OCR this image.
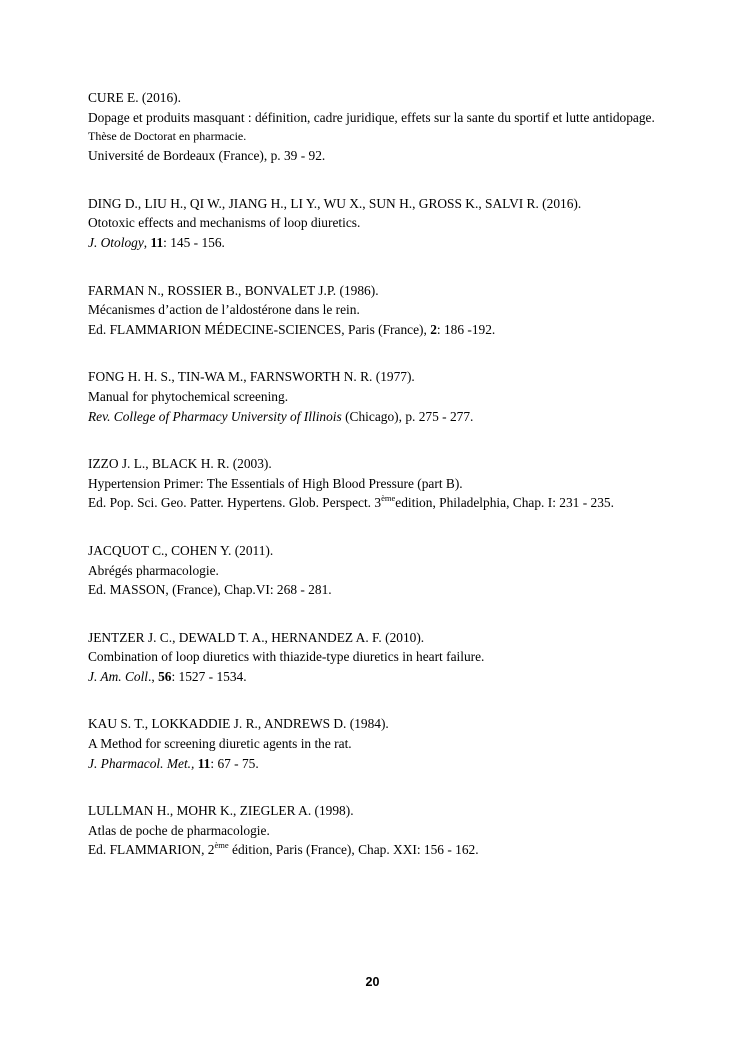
CURE E. (2016).
Dopage et produits masquant : définition, cadre juridique, effets sur la sante du sportif et lutte antidopage.
Thèse de Doctorat en pharmacie.
Université de Bordeaux (France), p. 39 - 92.
DING D., LIU H., QI W., JIANG H., LI Y., WU X., SUN H., GROSS K., SALVI R. (2016).
Ototoxic effects and mechanisms of loop diuretics.
J. Otology, 11: 145 - 156.
FARMAN N., ROSSIER B., BONVALET J.P. (1986).
Mécanismes d’action de l’aldostérone dans le rein.
Ed. FLAMMARION MÉDECINE-SCIENCES, Paris (France), 2: 186 -192.
FONG H. H. S., TIN-WA M., FARNSWORTH N. R. (1977).
Manual for phytochemical screening.
Rev. College of Pharmacy University of Illinois (Chicago), p. 275 - 277.
IZZO J. L., BLACK H. R. (2003).
Hypertension Primer: The Essentials of High Blood Pressure (part B).
Ed. Pop. Sci. Geo. Patter. Hypertens. Glob. Perspect. 3èmeedition, Philadelphia, Chap. I: 231 - 235.
JACQUOT C., COHEN Y. (2011).
Abrégés pharmacologie.
Ed. MASSON, (France), Chap.VI: 268 - 281.
JENTZER J. C., DEWALD T. A., HERNANDEZ A. F. (2010).
Combination of loop diuretics with thiazide-type diuretics in heart failure.
J. Am. Coll., 56: 1527 - 1534.
KAU S. T., LOKKADDIE J. R., ANDREWS D. (1984).
A Method for screening diuretic agents in the rat.
J. Pharmacol. Met., 11: 67 - 75.
LULLMAN H., MOHR K., ZIEGLER A. (1998).
Atlas de poche de pharmacologie.
Ed. FLAMMARION, 2ème édition, Paris (France), Chap. XXI: 156 - 162.
20
